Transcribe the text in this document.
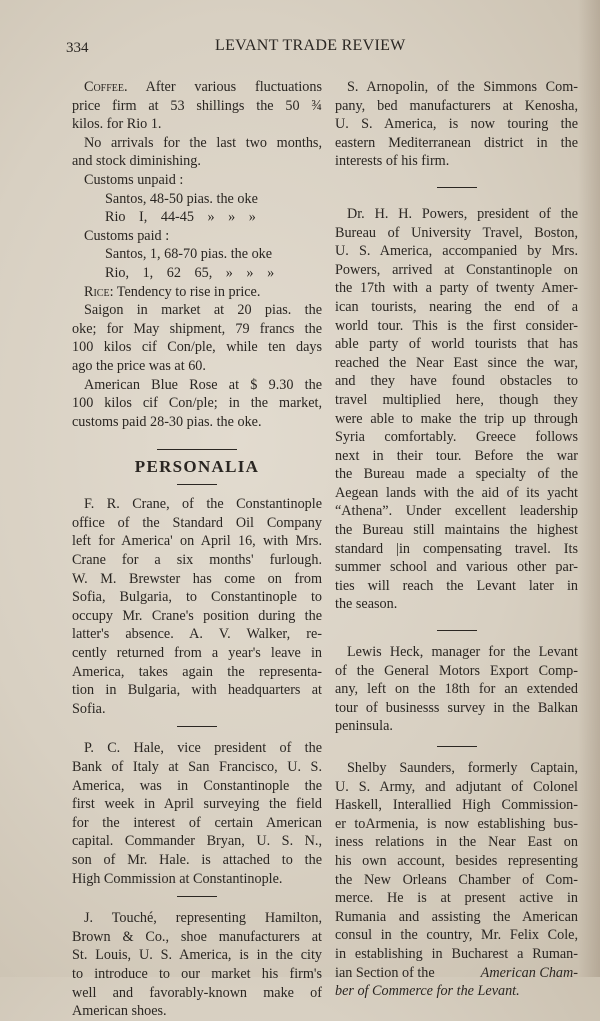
334	LEVANT TRADE REVIEW
Coffee. After various fluctuations
price firm at 53 shillings the 50 ¾
kilos. for Rio 1.
No arrivals for the last two months,
and stock diminishing.
Customs unpaid :
Santos, 48-50 pias. the oke
Rio I, 44-45 » » »
Customs paid :
Santos, 1, 68-70 pias. the oke
Rio, 1, 62 65, » » »
Rice: Tendency to rise in price.
Saigon in market at 20 pias. the
oke; for May shipment, 79 francs the
100 kilos cif Con/ple, while ten days
ago the price was at 60.
American Blue Rose at $ 9.30 the
100 kilos cif Con/ple; in the market,
customs paid 28-30 pias. the oke.
PERSONALIA
F. R. Crane, of the Constantinople
office of the Standard Oil Company
left for America' on April 16, with Mrs.
Crane for a six months' furlough.
W. M. Brewster has come on from
Sofia, Bulgaria, to Constantinople to
occupy Mr. Crane's position during the
latter's absence. A. V. Walker, re-
cently returned from a year's leave in
America, takes again the representa-
tion in Bulgaria, with headquarters at
Sofia.
P. C. Hale, vice president of the
Bank of Italy at San Francisco, U. S.
America, was in Constantinople the
first week in April surveying the field
for the interest of certain American
capital. Commander Bryan, U. S. N.,
son of Mr. Hale. is attached to the
High Commission at Constantinople.
J. Touché, representing Hamilton,
Brown & Co., shoe manufacturers at
St. Louis, U. S. America, is in the city
to introduce to our market his firm's
well and favorably-known make of
American shoes.
S. Arnopolin, of the Simmons Com-
pany, bed manufacturers at Kenosha,
U. S. America, is now touring the
eastern Mediterranean district in the
interests of his firm.
Dr. H. H. Powers, president of the
Bureau of University Travel, Boston,
U. S. America, accompanied by Mrs.
Powers, arrived at Constantinople on
the 17th with a party of twenty Amer-
ican tourists, nearing the end of a
world tour. This is the first consider-
able party of world tourists that has
reached the Near East since the war,
and they have found obstacles to
travel multiplied here, though they
were able to make the trip up through
Syria comfortably. Greece follows
next in their tour. Before the war
the Bureau made a specialty of the
Aegean lands with the aid of its yacht
“Athena”. Under excellent leadership
the Bureau still maintains the highest
standard |in compensating travel. Its
summer school and various other par-
ties will reach the Levant later in
the season.
Lewis Heck, manager for the Levant
of the General Motors Export Comp-
any, left on the 18th for an extended
tour of businesss survey in the Balkan
peninsula.
Shelby Saunders, formerly Captain,
U. S. Army, and adjutant of Colonel
Haskell, Interallied High Commission-
er toArmenia, is now establishing bus-
iness relations in the Near East on
his own account, besides representing
the New Orleans Chamber of Com-
merce. He is at present active in
Rumania and assisting the American
consul in the country, Mr. Felix Cole,
in establishing in Bucharest a Ruman-
ian Section of the	American Cham-
ber of Commerce for the Levant.
